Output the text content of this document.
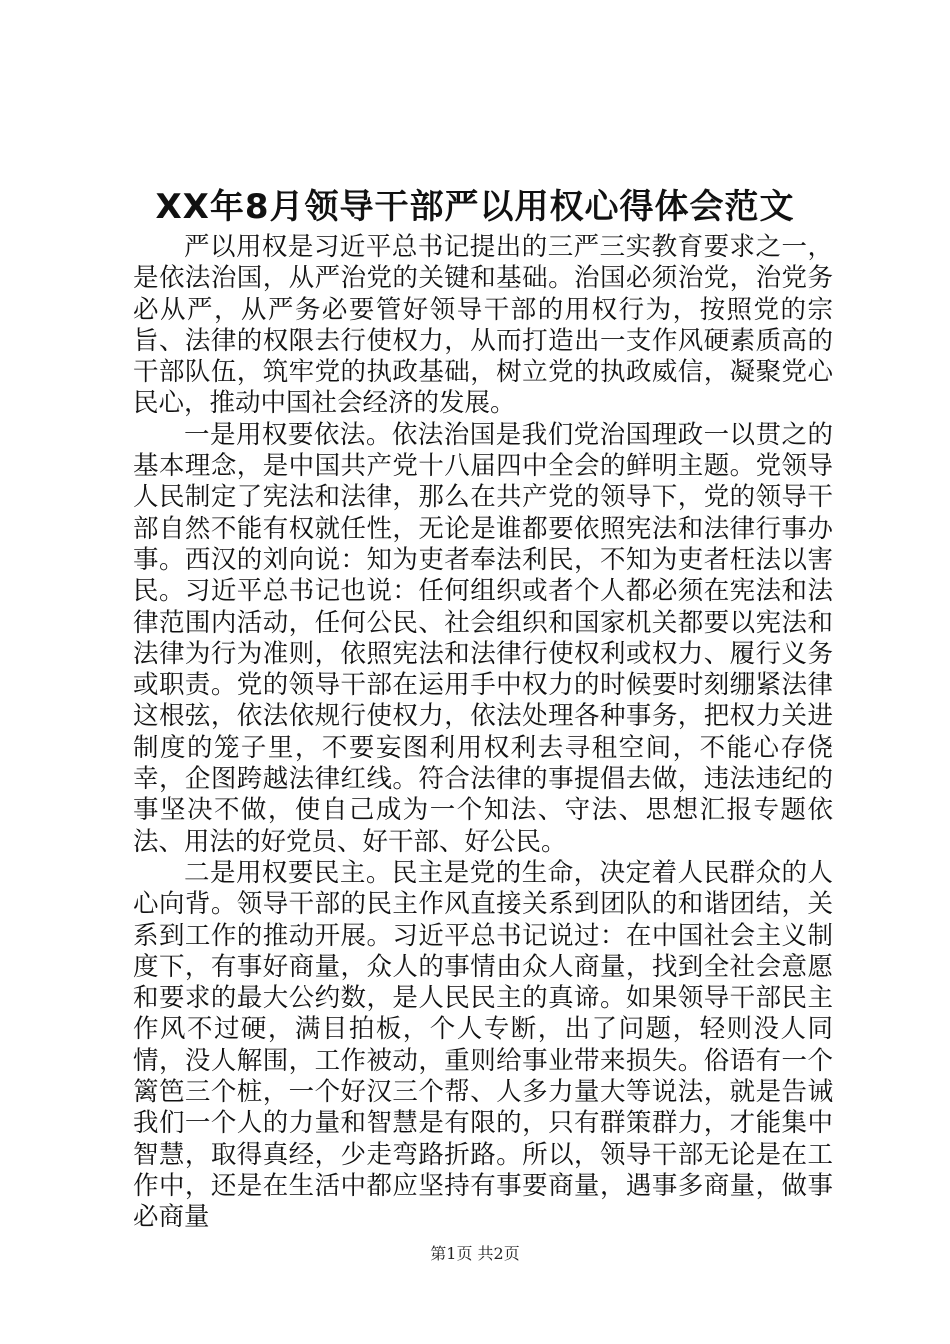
XX年8月领导干部严以用权心得体会范文

严以用权是习近平总书记提出的三严三实教育要求之一，是依法治国，从严治党的关键和基础。治国必须治党，治党务必从严，从严务必要管好领导干部的用权行为，按照党的宗旨、法律的权限去行使权力，从而打造出一支作风硬素质高的干部队伍，筑牢党的执政基础，树立党的执政威信，凝聚党心民心，推动中国社会经济的发展。

一是用权要依法。依法治国是我们党治国理政一以贯之的基本理念，是中国共产党十八届四中全会的鲜明主题。党领导人民制定了宪法和法律，那么在共产党的领导下，党的领导干部自然不能有权就任性，无论是谁都要依照宪法和法律行事办事。西汉的刘向说：知为吏者奉法利民，不知为吏者枉法以害民。习近平总书记也说：任何组织或者个人都必须在宪法和法律范围内活动，任何公民、社会组织和国家机关都要以宪法和法律为行为准则，依照宪法和法律行使权利或权力、履行义务或职责。党的领导干部在运用手中权力的时候要时刻绷紧法律这根弦，依法依规行使权力，依法处理各种事务，把权力关进制度的笼子里，不要妄图利用权利去寻租空间，不能心存侥幸，企图跨越法律红线。符合法律的事提倡去做，违法违纪的事坚决不做，使自己成为一个知法、守法、思想汇报专题依法、用法的好党员、好干部、好公民。

二是用权要民主。民主是党的生命，决定着人民群众的人心向背。领导干部的民主作风直接关系到团队的和谐团结，关系到工作的推动开展。习近平总书记说过：在中国社会主义制度下，有事好商量，众人的事情由众人商量，找到全社会意愿和要求的最大公约数，是人民民主的真谛。如果领导干部民主作风不过硬，满目拍板，个人专断，出了问题，轻则没人同情，没人解围，工作被动，重则给事业带来损失。俗语有一个篱笆三个桩，一个好汉三个帮、人多力量大等说法，就是告诫我们一个人的力量和智慧是有限的，只有群策群力，才能集中智慧，取得真经，少走弯路折路。所以，领导干部无论是在工作中，还是在生活中都应坚持有事要商量，遇事多商量，做事必商量

第1页 共2页
